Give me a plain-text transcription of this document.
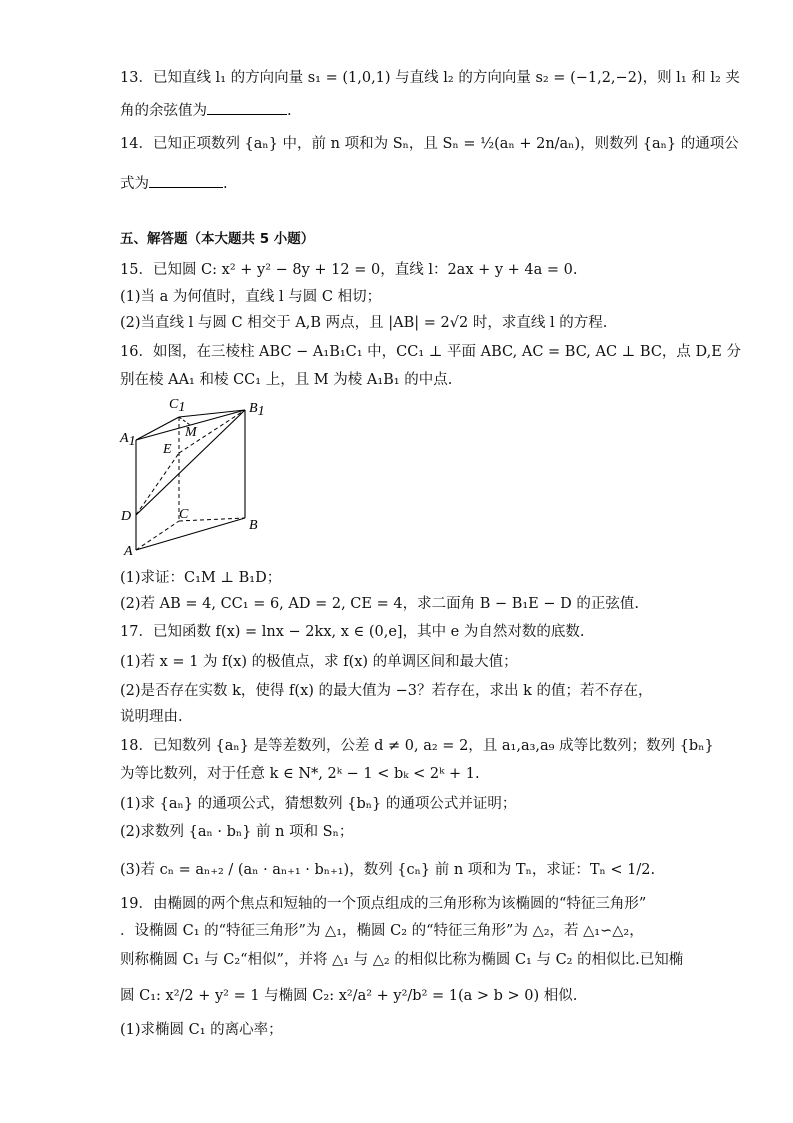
13．已知直线 l₁ 的方向向量 s₁ = (1,0,1) 与直线 l₂ 的方向向量 s₂ = (−1,2,−2)，则 l₁ 和 l₂ 夹
角的余弦值为	.
14．已知正项数列 {aₙ} 中，前 n 项和为 Sₙ，且 Sₙ = ½(aₙ + 2n/aₙ)，则数列 {aₙ} 的通项公
式为	.
五、解答题（本大题共 5 小题）
15．已知圆 C: x² + y² − 8y + 12 = 0，直线 l：2ax + y + 4a = 0.
(1)当 a 为何值时，直线 l 与圆 C 相切；
(2)当直线 l 与圆 C 相交于 A,B 两点，且 |AB| = 2√2 时，求直线 l 的方程.
16．如图，在三棱柱 ABC − A₁B₁C₁ 中，CC₁ ⊥ 平面 ABC, AC = BC, AC ⊥ BC，点 D,E 分
别在棱 AA₁ 和棱 CC₁ 上，且 M 为棱 A₁B₁ 的中点.
C1	B1
A1
M
E
D	C
B
A
(1)求证：C₁M ⊥ B₁D；
(2)若 AB = 4, CC₁ = 6, AD = 2, CE = 4，求二面角 B − B₁E − D 的正弦值.
17．已知函数 f(x) = lnx − 2kx, x ∈ (0,e]，其中 e 为自然对数的底数.
(1)若 x = 1 为 f(x) 的极值点，求 f(x) 的单调区间和最大值；
(2)是否存在实数 k，使得 f(x) 的最大值为 −3？若存在，求出 k 的值；若不存在，
说明理由.
18．已知数列 {aₙ} 是等差数列，公差 d ≠ 0, a₂ = 2，且 a₁,a₃,a₉ 成等比数列；数列 {bₙ}
为等比数列，对于任意 k ∈ N*, 2ᵏ − 1 < bₖ < 2ᵏ + 1.
(1)求 {aₙ} 的通项公式，猜想数列 {bₙ} 的通项公式并证明；
(2)求数列 {aₙ · bₙ} 前 n 项和 Sₙ；
(3)若 cₙ = aₙ₊₂ / (aₙ · aₙ₊₁ · bₙ₊₁)，数列 {cₙ} 前 n 项和为 Tₙ，求证：Tₙ < 1/2.
19．由椭圆的两个焦点和短轴的一个顶点组成的三角形称为该椭圆的“特征三角形”
．设椭圆 C₁ 的“特征三角形”为 △₁，椭圆 C₂ 的“特征三角形”为 △₂，若 △₁∽△₂，
则称椭圆 C₁ 与 C₂“相似”，并将 △₁ 与 △₂ 的相似比称为椭圆 C₁ 与 C₂ 的相似比.已知椭
圆 C₁: x²/2 + y² = 1 与椭圆 C₂: x²/a² + y²/b² = 1(a > b > 0) 相似.
(1)求椭圆 C₁ 的离心率；
